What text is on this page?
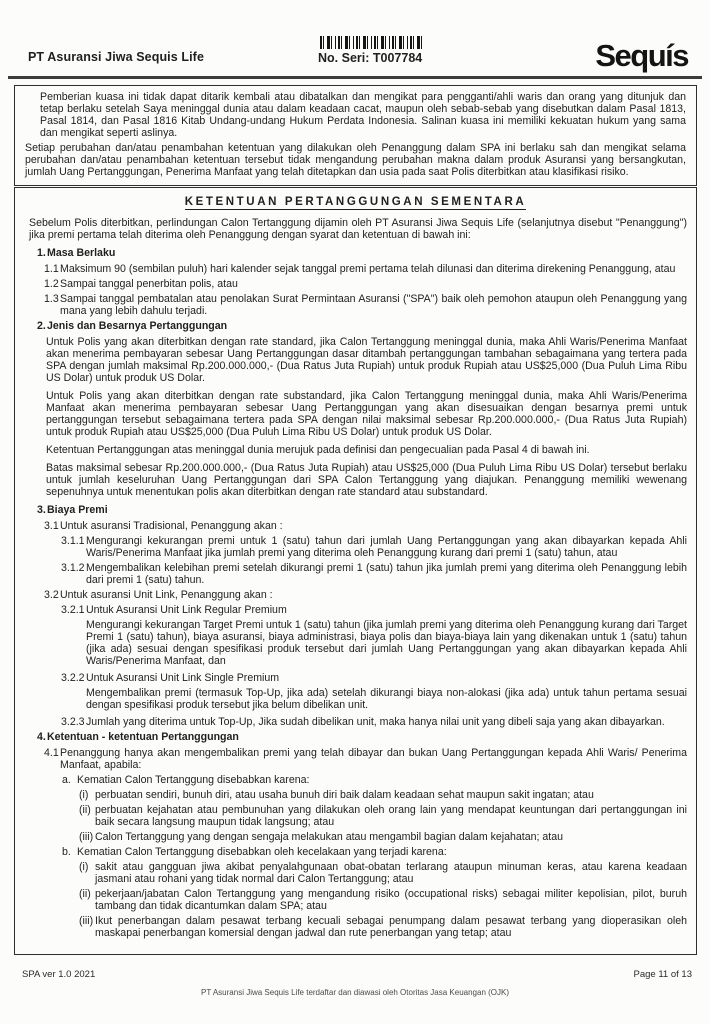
PT Asuransi Jiwa Sequis Life	No. Seri: T007784	Sequís

Pemberian kuasa ini tidak dapat ditarik kembali atau dibatalkan dan mengikat para pengganti/ahli waris dan orang yang ditunjuk dan tetap berlaku setelah Saya meninggal dunia atau dalam keadaan cacat, maupun oleh sebab-sebab yang disebutkan dalam Pasal 1813, Pasal 1814, dan Pasal 1816 Kitab Undang-undang Hukum Perdata Indonesia. Salinan kuasa ini memiliki kekuatan hukum yang sama dan mengikat seperti aslinya.

Setiap perubahan dan/atau penambahan ketentuan yang dilakukan oleh Penanggung dalam SPA ini berlaku sah dan mengikat selama perubahan dan/atau penambahan ketentuan tersebut tidak mengandung perubahan makna dalam produk Asuransi yang bersangkutan, jumlah Uang Pertanggungan, Penerima Manfaat yang telah ditetapkan dan usia pada saat Polis diterbitkan atau klasifikasi risiko.

KETENTUAN PERTANGGUNGAN SEMENTARA

Sebelum Polis diterbitkan, perlindungan Calon Tertanggung dijamin oleh PT Asuransi Jiwa Sequis Life (selanjutnya disebut "Penanggung") jika premi pertama telah diterima oleh Penanggung dengan syarat dan ketentuan di bawah ini:

1. Masa Berlaku
1.1 Maksimum 90 (sembilan puluh) hari kalender sejak tanggal premi pertama telah dilunasi dan diterima direkening Penanggung, atau
1.2 Sampai tanggal penerbitan polis, atau
1.3 Sampai tanggal pembatalan atau penolakan Surat Permintaan Asuransi ("SPA") baik oleh pemohon ataupun oleh Penanggung yang mana yang lebih dahulu terjadi.
2. Jenis dan Besarnya Pertanggungan

Untuk Polis yang akan diterbitkan dengan rate standard, jika Calon Tertanggung meninggal dunia, maka Ahli Waris/Penerima Manfaat akan menerima pembayaran sebesar Uang Pertanggungan dasar ditambah pertanggungan tambahan sebagaimana yang tertera pada SPA dengan jumlah maksimal Rp.200.000.000,- (Dua Ratus Juta Rupiah) untuk produk Rupiah atau US$25,000 (Dua Puluh Lima Ribu US Dolar) untuk produk US Dolar.

Untuk Polis yang akan diterbitkan dengan rate substandard, jika Calon Tertanggung meninggal dunia, maka Ahli Waris/Penerima Manfaat akan menerima pembayaran sebesar Uang Pertanggungan yang akan disesuaikan dengan besarnya premi untuk pertanggungan tersebut sebagaimana tertera pada SPA dengan nilai maksimal sebesar Rp.200.000.000,- (Dua Ratus Juta Rupiah) untuk produk Rupiah atau US$25,000 (Dua Puluh Lima Ribu US Dolar) untuk produk US Dolar.

Ketentuan Pertanggungan atas meninggal dunia merujuk pada definisi dan pengecualian pada Pasal 4 di bawah ini.

Batas maksimal sebesar Rp.200.000.000,- (Dua Ratus Juta Rupiah) atau US$25,000 (Dua Puluh Lima Ribu US Dolar) tersebut berlaku untuk jumlah keseluruhan Uang Pertanggungan dari SPA Calon Tertanggung yang diajukan. Penanggung memiliki wewenang sepenuhnya untuk menentukan polis akan diterbitkan dengan rate standard atau substandard.

3. Biaya Premi
3.1 Untuk asuransi Tradisional, Penanggung akan :
3.1.1 Mengurangi kekurangan premi untuk 1 (satu) tahun dari jumlah Uang Pertanggungan yang akan dibayarkan kepada Ahli Waris/Penerima Manfaat jika jumlah premi yang diterima oleh Penanggung kurang dari premi 1 (satu) tahun, atau
3.1.2 Mengembalikan kelebihan premi setelah dikurangi premi 1 (satu) tahun jika jumlah premi yang diterima oleh Penanggung lebih dari premi 1 (satu) tahun.
3.2 Untuk asuransi Unit Link, Penanggung akan :
3.2.1 Untuk Asuransi Unit Link Regular Premium

Mengurangi kekurangan Target Premi untuk 1 (satu) tahun (jika jumlah premi yang diterima oleh Penanggung kurang dari Target Premi 1 (satu) tahun), biaya asuransi, biaya administrasi, biaya polis dan biaya-biaya lain yang dikenakan untuk 1 (satu) tahun (jika ada) sesuai dengan spesifikasi produk tersebut dari jumlah Uang Pertanggungan yang akan dibayarkan kepada Ahli Waris/Penerima Manfaat, dan

3.2.2 Untuk Asuransi Unit Link Single Premium

Mengembalikan premi (termasuk Top-Up, jika ada) setelah dikurangi biaya non-alokasi (jika ada) untuk tahun pertama sesuai dengan spesifikasi produk tersebut jika belum dibelikan unit.

3.2.3 Jumlah yang diterima untuk Top-Up, Jika sudah dibelikan unit, maka hanya nilai unit yang dibeli saja yang akan dibayarkan.
4. Ketentuan - ketentuan Pertanggungan
4.1 Penanggung hanya akan mengembalikan premi yang telah dibayar dan bukan Uang Pertanggungan kepada Ahli Waris/ Penerima Manfaat, apabila:
a. Kematian Calon Tertanggung disebabkan karena:
(i) perbuatan sendiri, bunuh diri, atau usaha bunuh diri baik dalam keadaan sehat maupun sakit ingatan; atau
(ii) perbuatan kejahatan atau pembunuhan yang dilakukan oleh orang lain yang mendapat keuntungan dari pertanggungan ini baik secara langsung maupun tidak langsung; atau
(iii) Calon Tertanggung yang dengan sengaja melakukan atau mengambil bagian dalam kejahatan; atau
b. Kematian Calon Tertanggung disebabkan oleh kecelakaan yang terjadi karena:
(i) sakit atau gangguan jiwa akibat penyalahgunaan obat-obatan terlarang ataupun minuman keras, atau karena keadaan jasmani atau rohani yang tidak normal dari Calon Tertanggung; atau
(ii) pekerjaan/jabatan Calon Tertanggung yang mengandung risiko (occupational risks) sebagai militer kepolisian, pilot, buruh tambang dan tidak dicantumkan dalam SPA; atau
(iii) Ikut penerbangan dalam pesawat terbang kecuali sebagai penumpang dalam pesawat terbang yang dioperasikan oleh maskapai penerbangan komersial dengan jadwal dan rute penerbangan yang tetap; atau
SPA ver 1.0 2021	Page 11 of 13
PT Asuransi Jiwa Sequis Life terdaftar dan diawasi oleh Otoritas Jasa Keuangan (OJK)
